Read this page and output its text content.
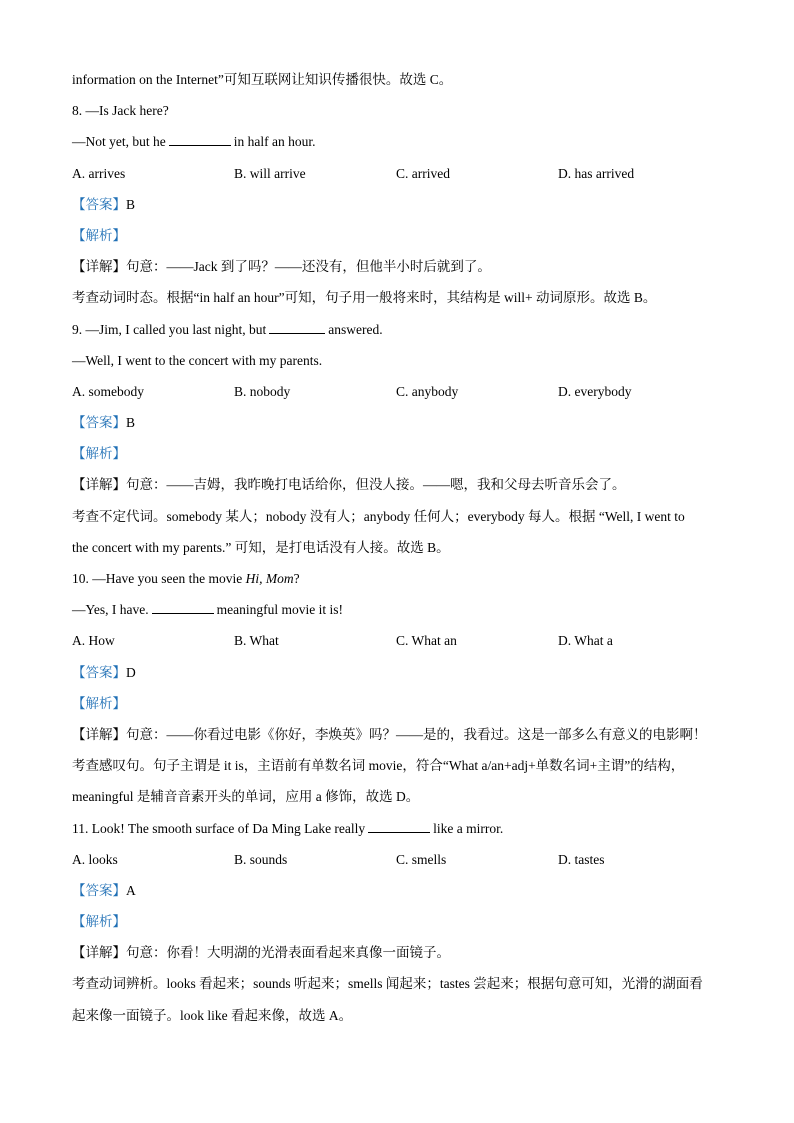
information on the Internet”可知互联网让知识传播很快。故选 C。
8. —Is Jack here?
—Not yet, but he	in half an hour.
A. arrives	B. will arrive	C. arrived	D. has arrived
【答案】B
【解析】
【详解】句意：——Jack 到了吗？——还没有，但他半小时后就到了。
考查动词时态。根据“in half an hour”可知，句子用一般将来时，其结构是 will+ 动词原形。故选 B。
9. —Jim, I called you last night, but	answered.
—Well, I went to the concert with my parents.
A. somebody	B. nobody	C. anybody	D. everybody
【答案】B
【解析】
【详解】句意：——吉姆，我昨晚打电话给你，但没人接。——嗯，我和父母去听音乐会了。
考查不定代词。somebody 某人；nobody 没有人；anybody 任何人；everybody 每人。根据 “Well, I went to
the concert with my parents.” 可知，是打电话没有人接。故选 B。
10. —Have you seen the movie Hi, Mom?
—Yes, I have.	meaningful movie it is!
A. How	B. What	C. What an	D. What a
【答案】D
【解析】
【详解】句意：——你看过电影《你好，李焕英》吗？——是的，我看过。这是一部多么有意义的电影啊！
考查感叹句。句子主谓是 it is，主语前有单数名词 movie，符合“What a/an+adj+单数名词+主谓”的结构，
meaningful 是辅音音素开头的单词，应用 a 修饰，故选 D。
11. Look! The smooth surface of Da Ming Lake really	like a mirror.
A. looks	B. sounds	C. smells	D. tastes
【答案】A
【解析】
【详解】句意：你看！大明湖的光滑表面看起来真像一面镜子。
考查动词辨析。looks 看起来；sounds 听起来；smells 闻起来；tastes 尝起来；根据句意可知，光滑的湖面看
起来像一面镜子。look like 看起来像，故选 A。
